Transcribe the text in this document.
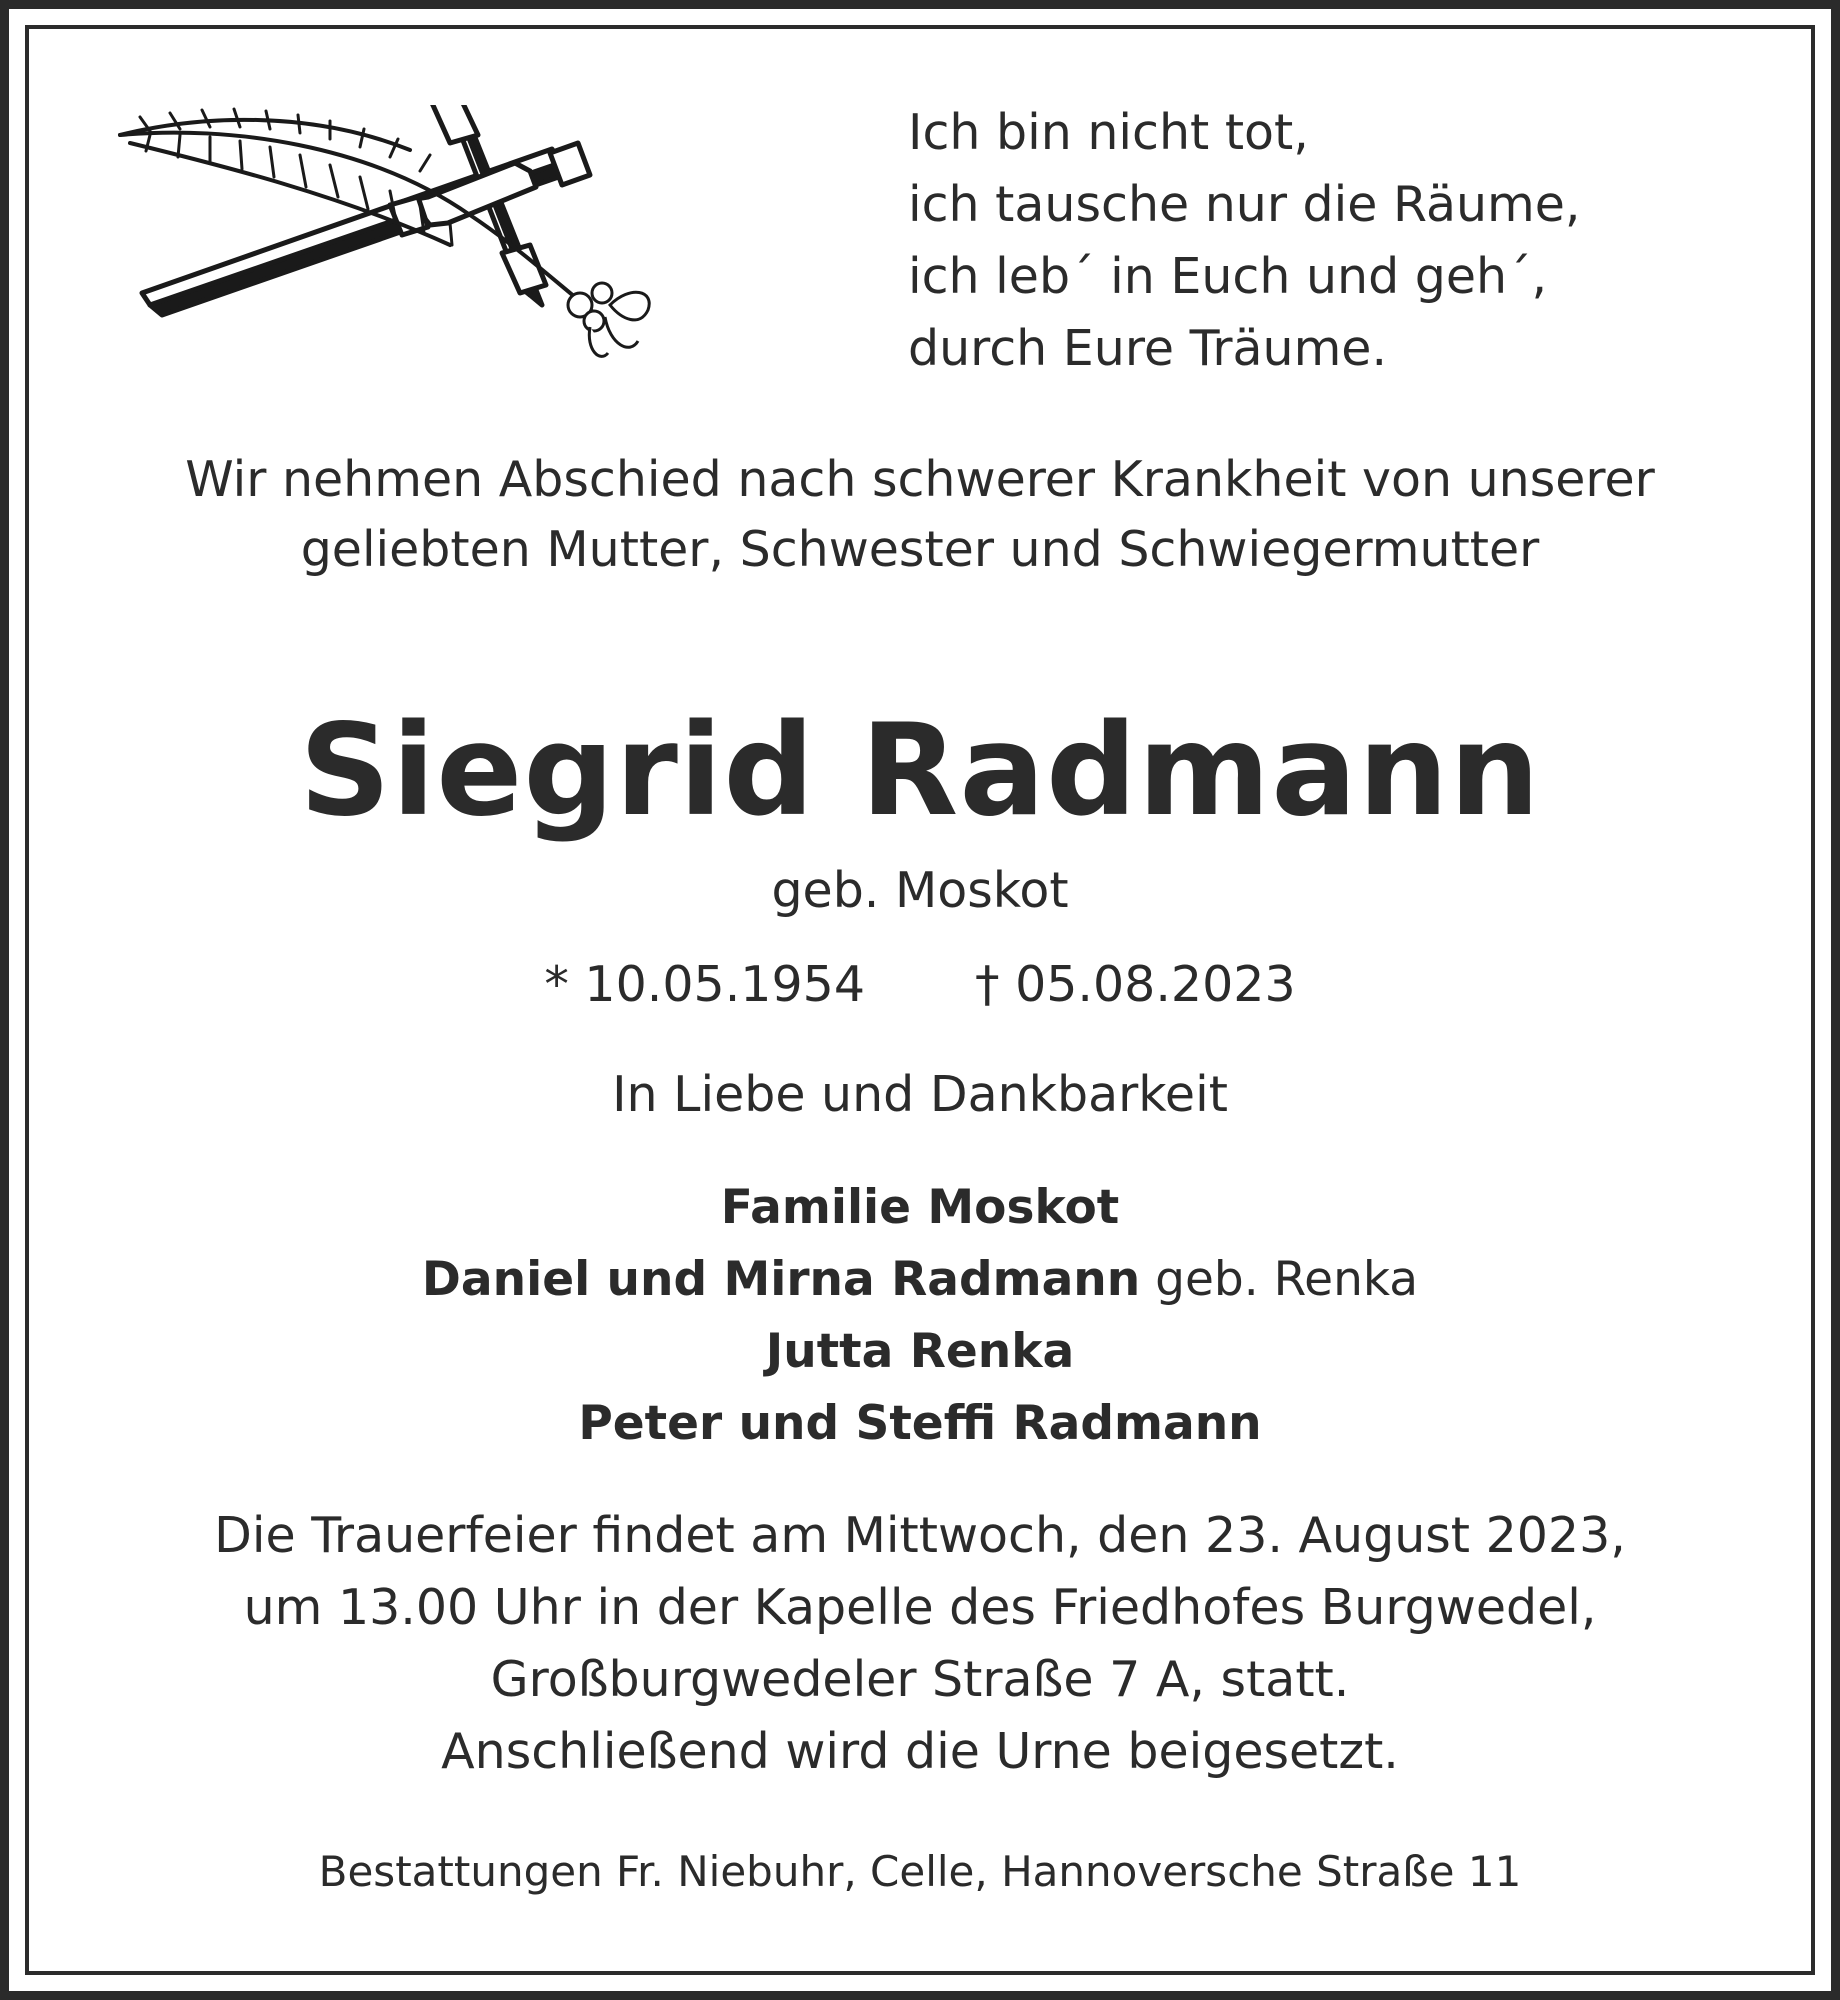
Ich bin nicht tot,
ich tausche nur die Räume,
ich leb´ in Euch und geh´,
durch Eure Träume.
Wir nehmen Abschied nach schwerer Krankheit von unserer
geliebten Mutter, Schwester und Schwiegermutter
Siegrid Radmann
geb. Moskot
* 10.05.1954 † 05.08.2023
In Liebe und Dankbarkeit
Familie Moskot
Daniel und Mirna Radmann geb. Renka
Jutta Renka
Peter und Steffi Radmann
Die Trauerfeier findet am Mittwoch, den 23. August 2023,
um 13.00 Uhr in der Kapelle des Friedhofes Burgwedel,
Großburgwedeler Straße 7 A, statt.
Anschließend wird die Urne beigesetzt.
Bestattungen Fr. Niebuhr, Celle, Hannoversche Straße 11
